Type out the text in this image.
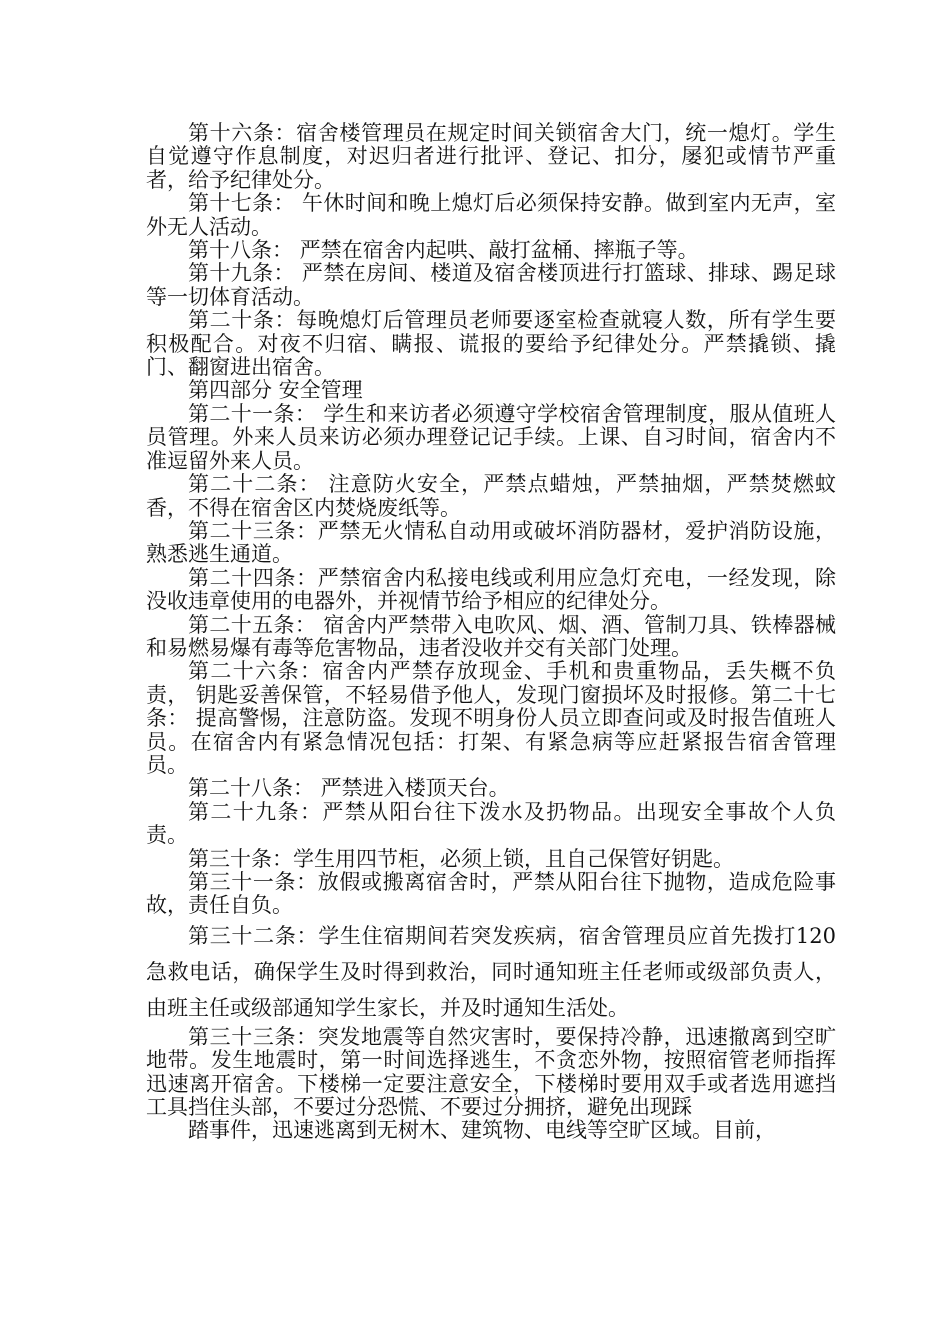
第十六条：宿舍楼管理员在规定时间关锁宿舍大门，统一熄灯。学生自觉遵守作息制度，对迟归者进行批评、登记、扣分，屡犯或情节严重者，给予纪律处分。

第十七条： 午休时间和晚上熄灯后必须保持安静。做到室内无声，室外无人活动。

第十八条： 严禁在宿舍内起哄、敲打盆桶、摔瓶子等。

第十九条： 严禁在房间、楼道及宿舍楼顶进行打篮球、排球、踢足球等一切体育活动。

第二十条：每晚熄灯后管理员老师要逐室检查就寝人数，所有学生要积极配合。对夜不归宿、瞒报、谎报的要给予纪律处分。严禁撬锁、撬门、翻窗进出宿舍。

第四部分 安全管理

第二十一条： 学生和来访者必须遵守学校宿舍管理制度，服从值班人员管理。外来人员来访必须办理登记记手续。上课、自习时间，宿舍内不准逗留外来人员。

第二十二条： 注意防火安全，严禁点蜡烛，严禁抽烟，严禁焚燃蚊香，不得在宿舍区内焚烧废纸等。

第二十三条：严禁无火情私自动用或破坏消防器材，爱护消防设施，熟悉逃生通道。

第二十四条：严禁宿舍内私接电线或利用应急灯充电，一经发现，除没收违章使用的电器外，并视情节给予相应的纪律处分。

第二十五条： 宿舍内严禁带入电吹风、烟、酒、管制刀具、铁棒器械和易燃易爆有毒等危害物品，违者没收并交有关部门处理。

第二十六条：宿舍内严禁存放现金、手机和贵重物品，丢失概不负责， 钥匙妥善保管，不轻易借予他人，发现门窗损坏及时报修。第二十七条： 提高警惕，注意防盗。发现不明身份人员立即查问或及时报告值班人员。在宿舍内有紧急情况包括：打架、有紧急病等应赶紧报告宿舍管理员。

第二十八条： 严禁进入楼顶天台。

第二十九条：严禁从阳台往下泼水及扔物品。出现安全事故个人负责。

第三十条：学生用四节柜，必须上锁，且自己保管好钥匙。

第三十一条：放假或搬离宿舍时，严禁从阳台往下抛物，造成危险事故，责任自负。

第三十二条：学生住宿期间若突发疾病，宿舍管理员应首先拨打120 急救电话，确保学生及时得到救治，同时通知班主任老师或级部负责人，由班主任或级部通知学生家长，并及时通知生活处。

第三十三条：突发地震等自然灾害时，要保持冷静，迅速撤离到空旷地带。发生地震时，第一时间选择逃生，不贪恋外物，按照宿管老师指挥迅速离开宿舍。下楼梯一定要注意安全，下楼梯时要用双手或者选用遮挡工具挡住头部，不要过分恐慌、不要过分拥挤，避免出现踩

踏事件，迅速逃离到无树木、建筑物、电线等空旷区域。目前，
